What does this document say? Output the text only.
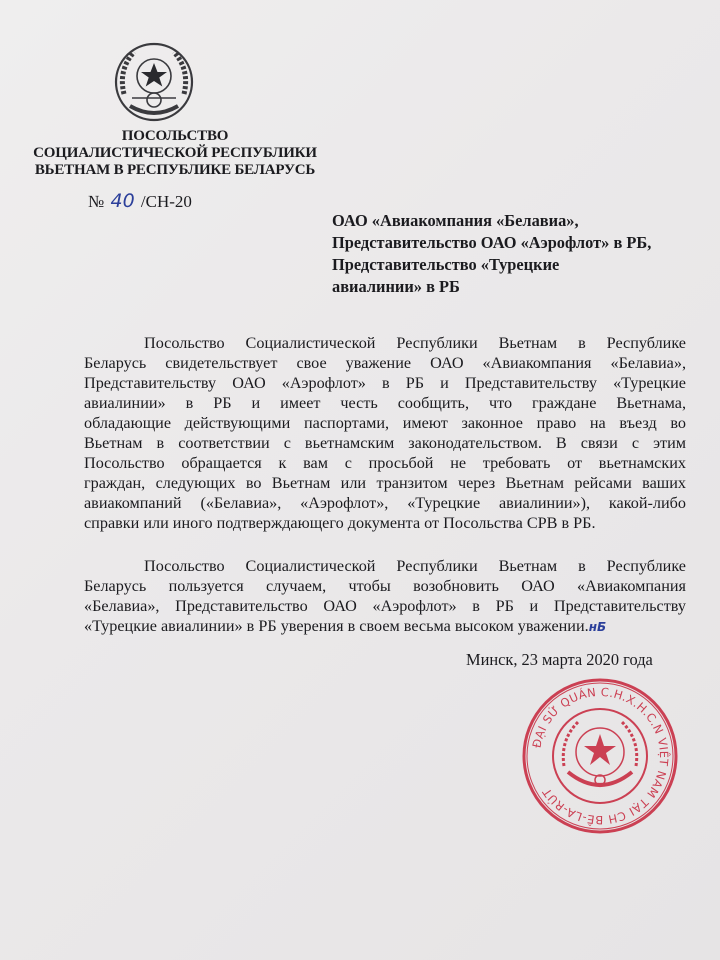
ПОСОЛЬСТВО
СОЦИАЛИСТИЧЕСКОЙ РЕСПУБЛИКИ
ВЬЕТНАМ В РЕСПУБЛИКЕ БЕЛАРУСЬ
№ 40 /СН-20
ОАО «Авиакомпания «Белавиа»,
Представительство ОАО «Аэрофлот» в РБ,
Представительство «Турецкие
авиалинии» в РБ

Посольство Социалистической Республики Вьетнам в Республике

Беларусь свидетельствует свое уважение ОАО «Авиакомпания «Белавиа»,

Представительству ОАО «Аэрофлот» в РБ и Представительству «Турецкие

авиалинии» в РБ и имеет честь сообщить, что граждане Вьетнама,

обладающие действующими паспортами, имеют законное право на въезд во

Вьетнам в соответствии с вьетнамским законодательством. В связи с этим

Посольство обращается к вам с просьбой не требовать от вьетнамских

граждан, следующих во Вьетнам или транзитом через Вьетнам рейсами ваших

авиакомпаний («Белавиа», «Аэрофлот», «Турецкие авиалинии»), какой-либо

справки или иного подтверждающего документа от Посольства СРВ в РБ.

Посольство Социалистической Республики Вьетнам в Республике

Беларусь пользуется случаем, чтобы возобновить ОАО «Авиакомпания

«Белавиа», Представительство ОАО «Аэрофлот» в РБ и Представительству

«Турецкие авиалинии» в РБ уверения в своем весьма высоком уважении.нБ

Минск, 23 марта 2020 года
ĐẠI SỨ QUÁN C.H.X.H.C.N VIỆT NAM TẠI CH BÊ-LA-RÚT
